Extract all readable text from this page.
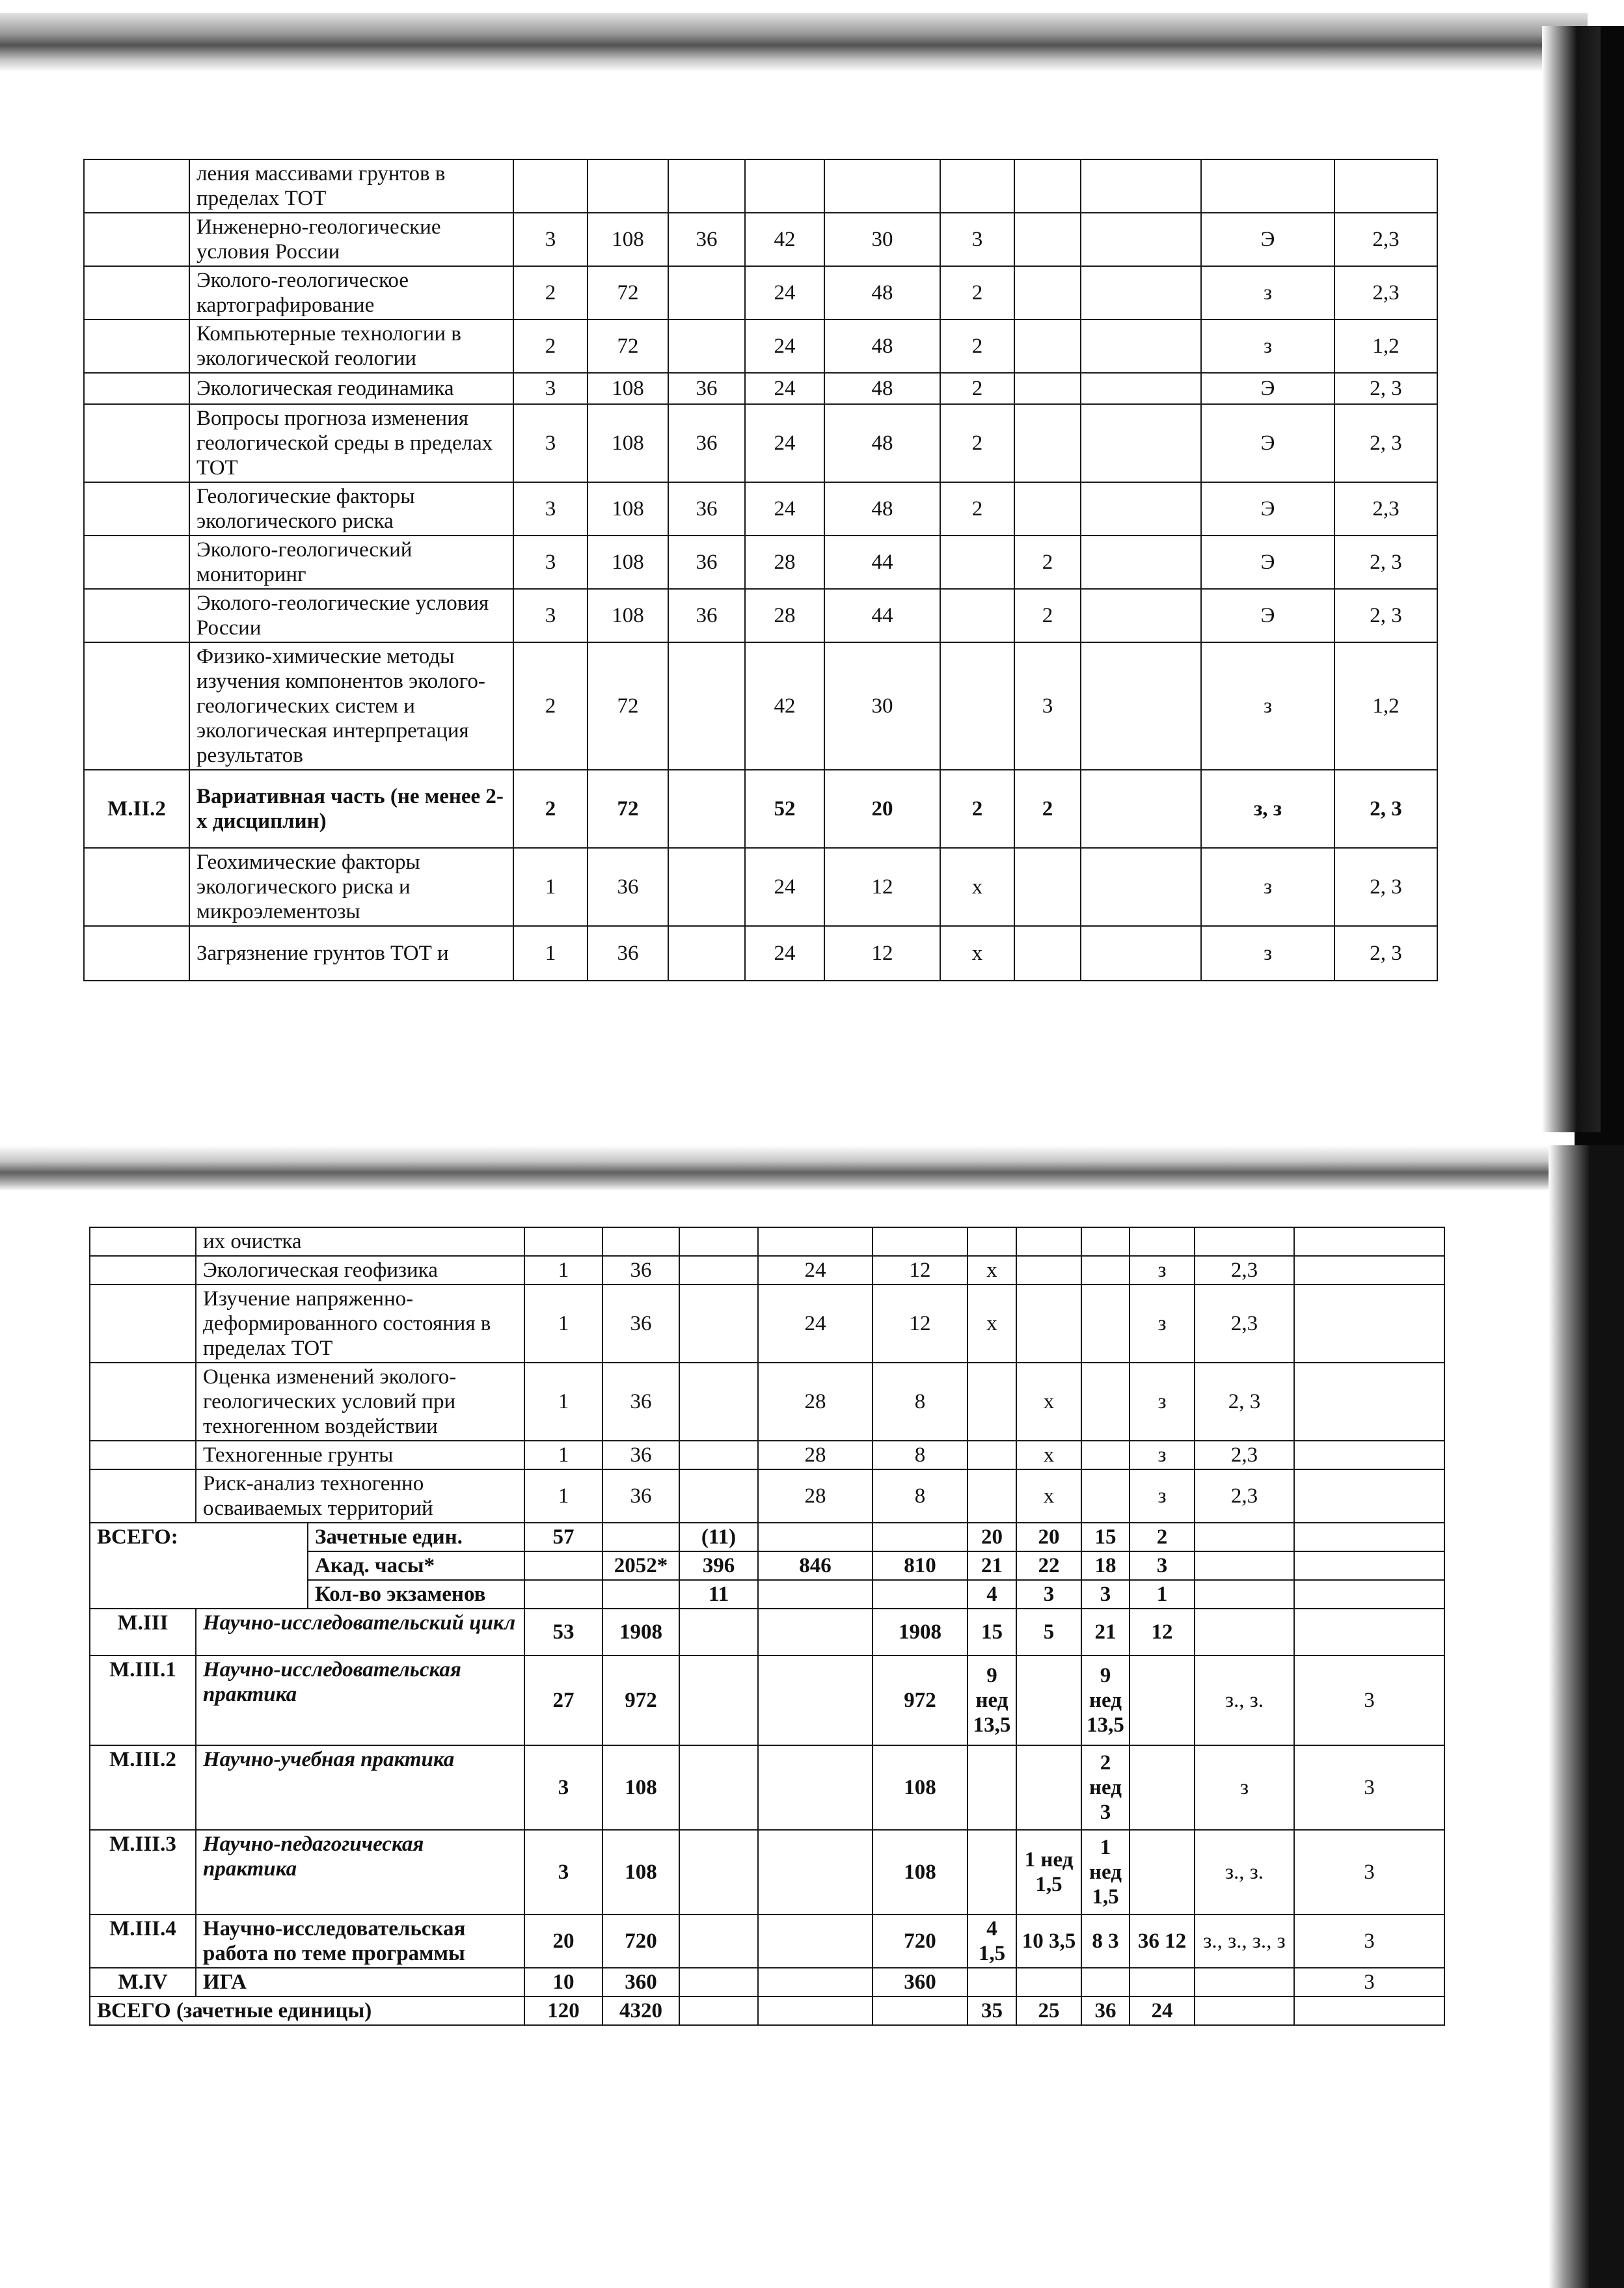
	ления массивами грунтов в пределах ТОТ										
	Инженерно-геологические условия России	3	108	36	42	30	3			Э	2,3
	Эколого-геологическое картографирование	2	72		24	48	2			з	2,3
	Компьютерные технологии в экологической геологии	2	72		24	48	2			з	1,2
	Экологическая геодинамика	3	108	36	24	48	2			Э	2, 3
	Вопросы прогноза изменения геологической среды в пределах ТОТ	3	108	36	24	48	2			Э	2, 3
	Геологические факторы экологического риска	3	108	36	24	48	2			Э	2,3
	Эколого-геологический мониторинг	3	108	36	28	44		2		Э	2, 3
	Эколого-геологические условия России	3	108	36	28	44		2		Э	2, 3
	Физико-химические методы изучения компонентов эколого-геологических систем и экологическая интерпретация результатов	2	72		42	30		3		з	1,2
М.II.2	Вариативная часть (не менее 2-х дисциплин)	2	72		52	20	2	2		з, з	2, 3
	Геохимические факторы экологического риска и микроэлементозы	1	36		24	12	х			з	2, 3
	Загрязнение грунтов ТОТ и	1	36		24	12	х			з	2, 3
	их очистка												
	Экологическая геофизика		1	36		24	12	х			з	2,3	
	Изучение напряженно-деформированного состояния в пределах ТОТ		1	36		24	12	х			з	2,3	
	Оценка изменений эколого-геологических условий при техногенном воздействии		1	36		28	8		х		з	2, 3	
	Техногенные грунты		1	36		28	8		х		з	2,3	
	Риск-анализ техногенно осваиваемых территорий		1	36		28	8		х		з	2,3	
ВСЕГО:		Зачетные един.	57		(11)			20	20	15	2		
		Акад. часы*		2052*	396	846	810	21	22	18	3		
		Кол-во экзаменов			11			4	3	3	1		
М.III	Научно-исследовательский цикл		53	1908			1908	15	5	21	12		
М.III.1	Научно-исследовательская практика		27	972			972	9 нед 13,5		9 нед 13,5		з., з.	3
М.III.2	Научно-учебная практика		3	108			108			2 нед 3		з	3
М.III.3	Научно-педагогическая практика		3	108			108		1 нед 1,5	1 нед 1,5		з., з.	3
М.III.4	Научно-исследовательская работа по теме программы		20	720			720	4 1,5	10 3,5	8 3	36 12	з., з., з., з	3
М.IV	ИГА		10	360			360						3
ВСЕГО (зачетные единицы)			120	4320				35	25	36	24		
